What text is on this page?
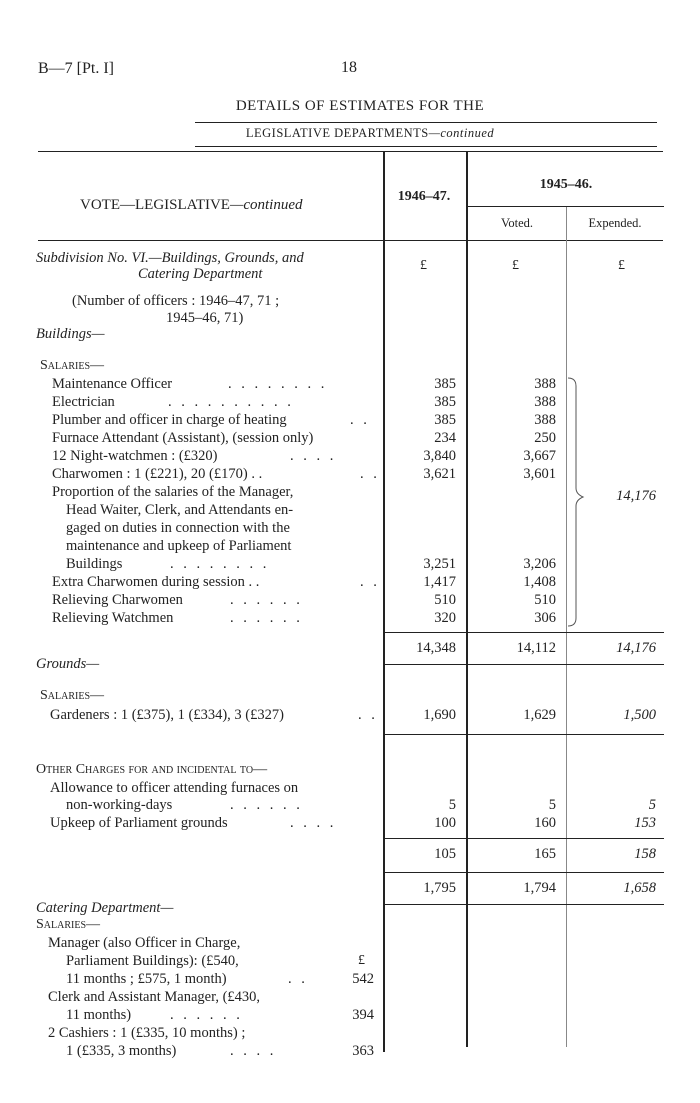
B—7 [Pt. I]	18
DETAILS OF ESTIMATES FOR THE
LEGISLATIVE DEPARTMENTS—continued
VOTE—LEGISLATIVE—continued
1946–47.
1945–46.
Voted.	Expended.
Subdivision No. VI.—Buildings, Grounds, and
Catering Department
£	£	£
(Number of officers : 1946–47, 71 ;
1945–46, 71)
Buildings—
Salaries—
Maintenance Officer	. . . . . . . .	385	388
Electrician	. . . . . . . . . .	385	388
Plumber and officer in charge of heating	. .	385	388
Furnace Attendant (Assistant), (session only)	234	250
12 Night-watchmen : (£320)	. . . .	3,840	3,667
Charwomen : 1 (£221), 20 (£170) . .	. .	3,621	3,601
Proportion of the salaries of the Manager,
Head Waiter, Clerk, and Attendants en-
gaged on duties in connection with the
maintenance and upkeep of Parliament
Buildings	. . . . . . . .	3,251	3,206
Extra Charwomen during session . .	. .	1,417	1,408
Relieving Charwomen	. . . . . .	510	510
Relieving Watchmen	. . . . . .	320	306
14,176
14,348	14,112	14,176
Grounds—
Salaries—
Gardeners : 1 (£375), 1 (£334), 3 (£327)	. .	1,690	1,629	1,500
Other Charges for and incidental to—
Allowance to officer attending furnaces on
non-working-days	. . . . . .	5	5	5
Upkeep of Parliament grounds	. . . .	100	160	153
105	165	158
1,795	1,794	1,658
Catering Department—
Salaries—
Manager (also Officer in Charge,
Parliament Buildings): (£540,	£
11 months ; £575, 1 month)	. .	542
Clerk and Assistant Manager, (£430,
11 months)	. . . . . .	394
2 Cashiers : 1 (£335, 10 months) ;
1 (£335, 3 months)	. . . .	363
